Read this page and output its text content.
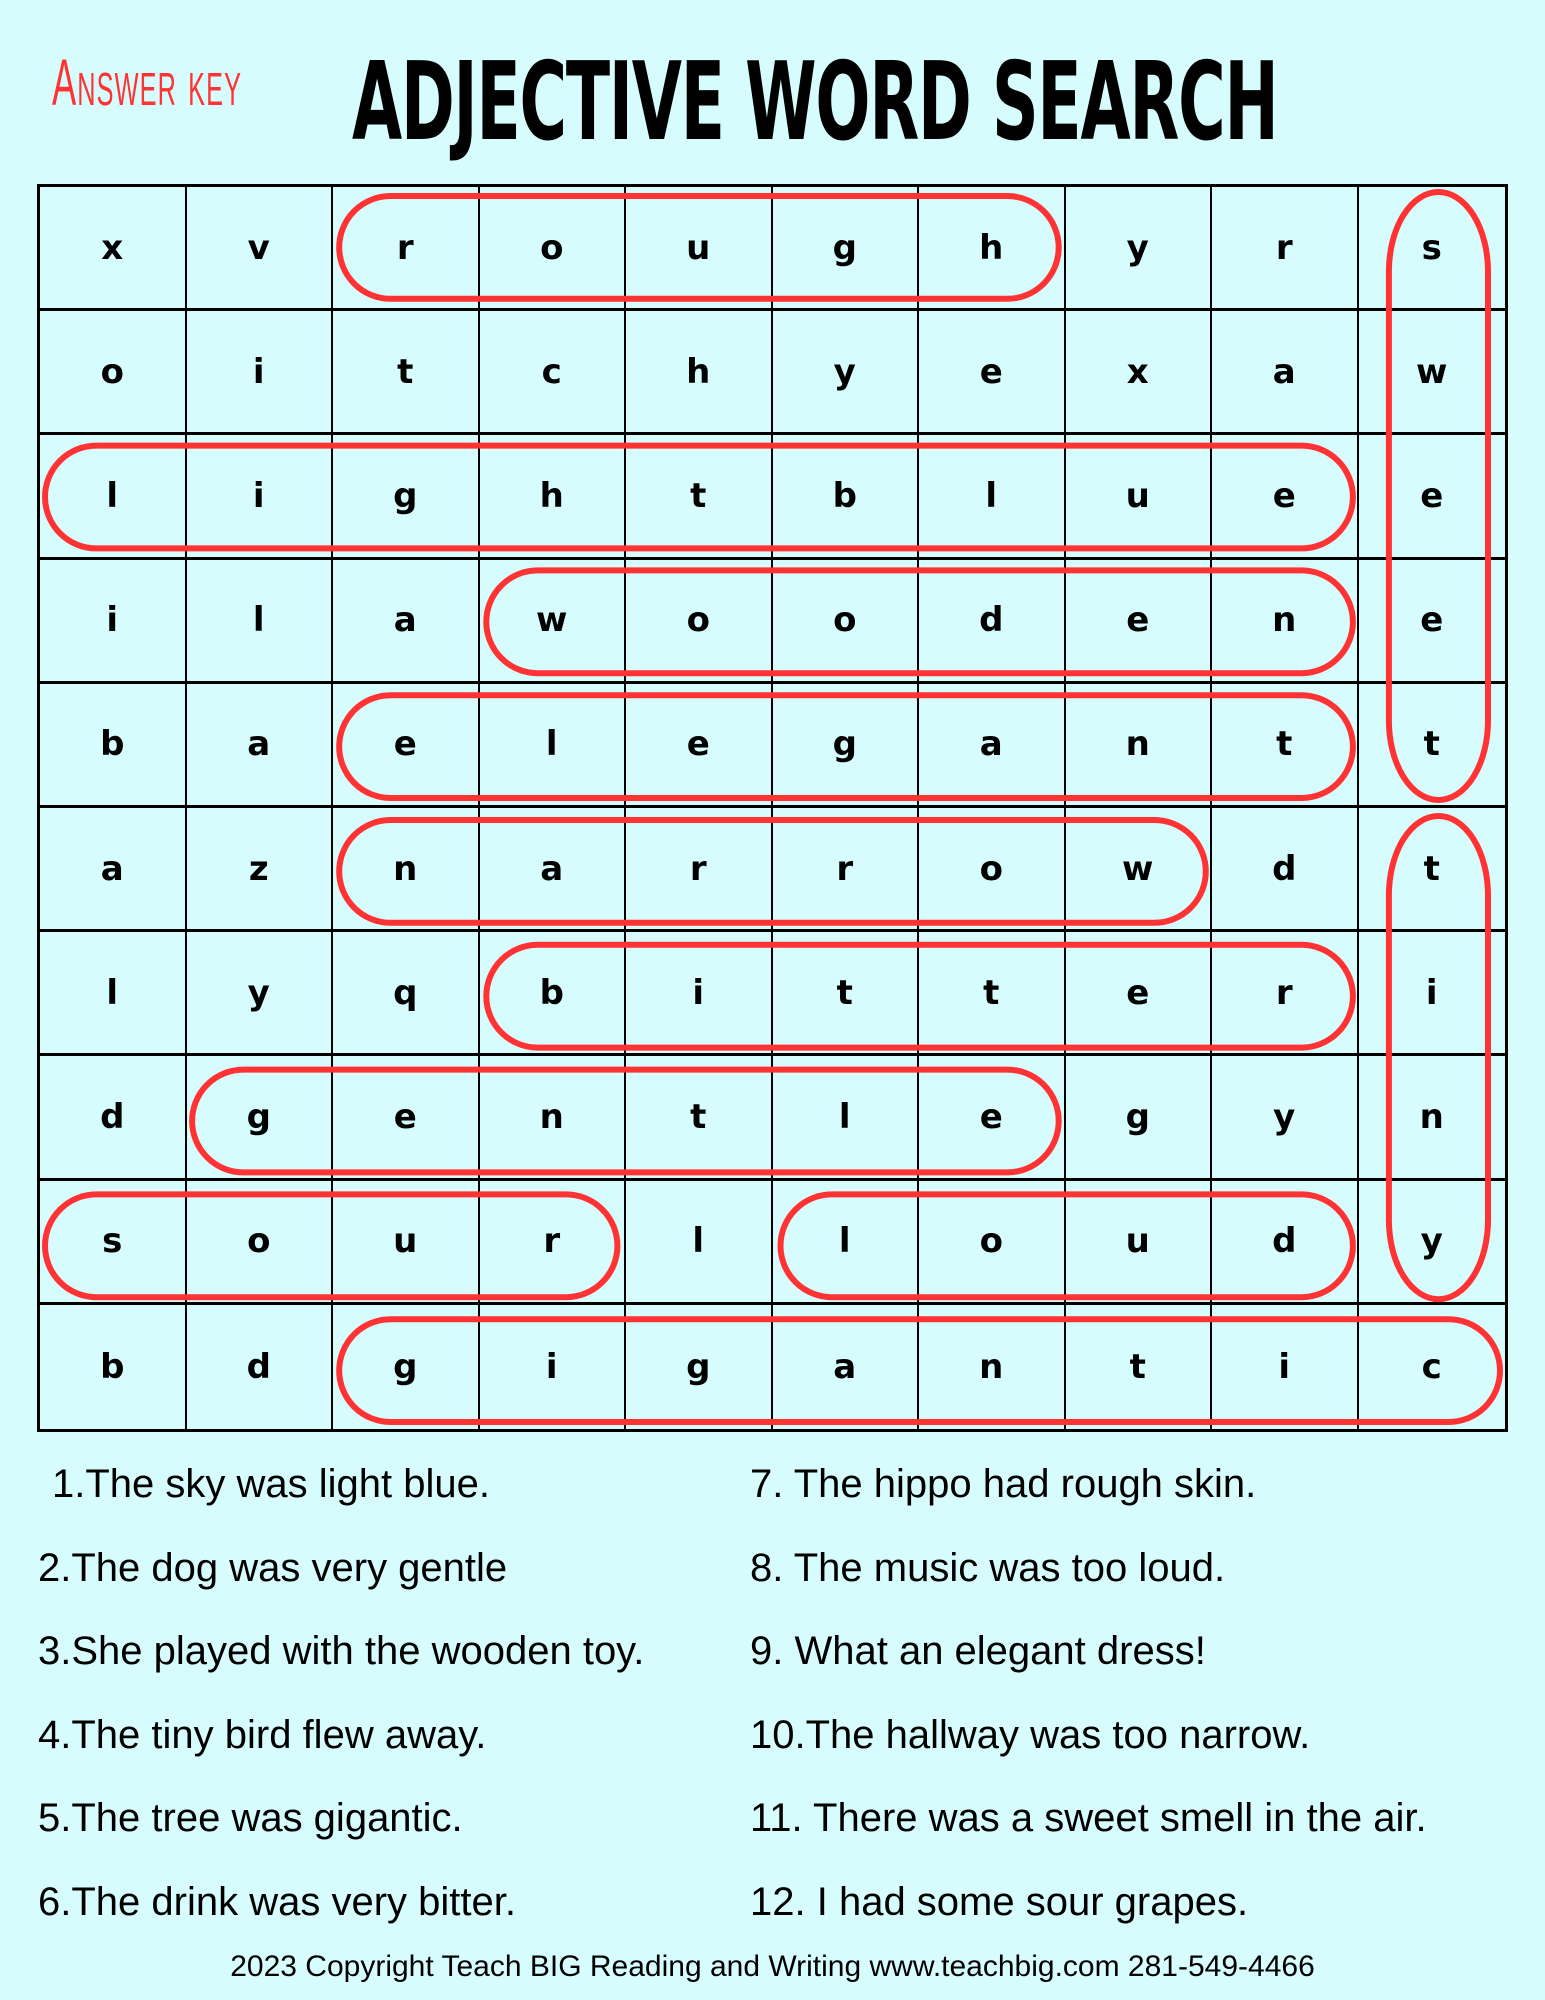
Answer key ADJECTIVE WORD SEARCH
x	v	r	o	u	g	h	y	r	s
o	i	t	c	h	y	e	x	a	w
l	i	g	h	t	b	l	u	e	e
i	l	a	w	o	o	d	e	n	e
b	a	e	l	e	g	a	n	t	t
a	z	n	a	r	r	o	w	d	t
l	y	q	b	i	t	t	e	r	i
d	g	e	n	t	l	e	g	y	n
s	o	u	r	l	l	o	u	d	y
b	d	g	i	g	a	n	t	i	c
1.The sky was light blue.
2.The dog was very gentle
3.She played with the wooden toy.
4.The tiny bird flew away.
5.The tree was gigantic.
6.The drink was very bitter.
7. The hippo had rough skin.
8. The music was too loud.
9. What an elegant dress!
10.The hallway was too narrow.
11. There was a sweet smell in the air.
12. I had some sour grapes.
2023 Copyright Teach BIG Reading and Writing www.teachbig.com 281-549-4466
